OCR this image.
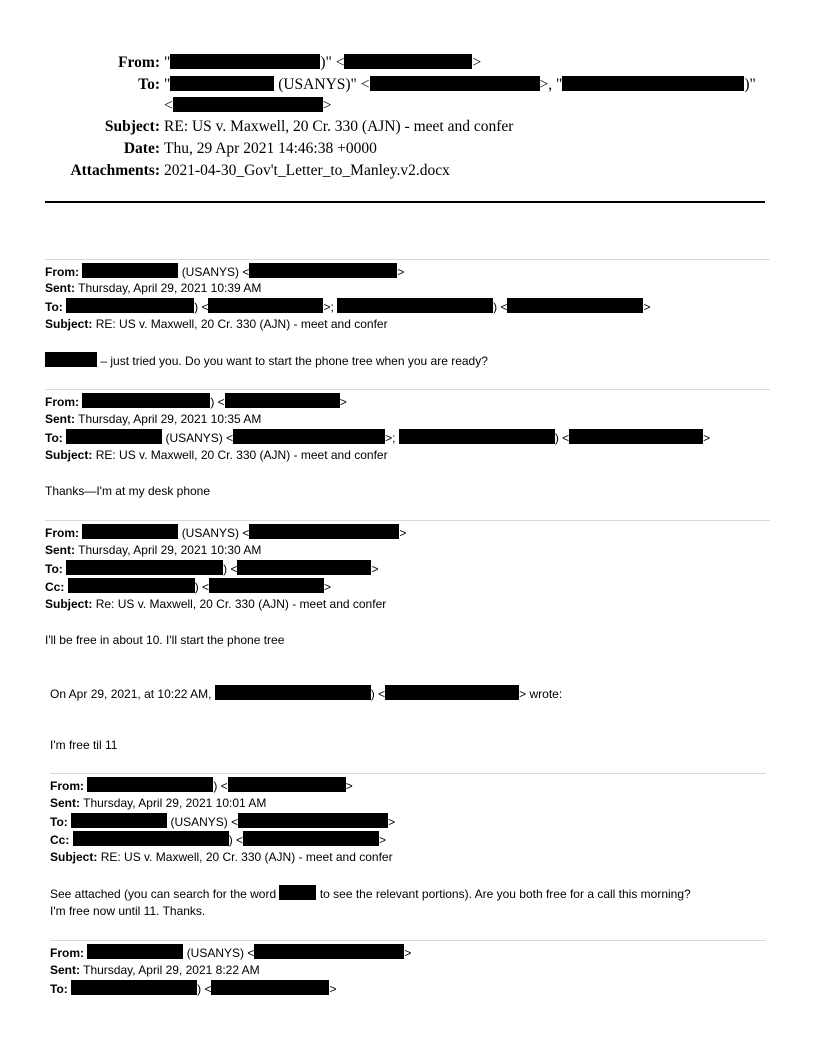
From: "	)" <	>
To: "	(USANYS)" <	>, "	)"
<	>
Subject: RE: US v. Maxwell, 20 Cr. 330 (AJN) - meet and confer
Date: Thu, 29 Apr 2021 14:46:38 +0000
Attachments: 2021-04-30_Gov't_Letter_to_Manley.v2.docx
From:	(USANYS) <	>
Sent: Thursday, April 29, 2021 10:39 AM
To:	) <	>;	) <	>
Subject: RE: US v. Maxwell, 20 Cr. 330 (AJN) - meet and confer
– just tried you. Do you want to start the phone tree when you are ready?
From:	) <	>
Sent: Thursday, April 29, 2021 10:35 AM
To:	(USANYS) <	>;	) <	>
Subject: RE: US v. Maxwell, 20 Cr. 330 (AJN) - meet and confer
Thanks—I'm at my desk phone
From:	(USANYS) <	>
Sent: Thursday, April 29, 2021 10:30 AM
To:	) <	>
Cc:	) <	>
Subject: Re: US v. Maxwell, 20 Cr. 330 (AJN) - meet and confer
I'll be free in about 10. I'll start the phone tree
On Apr 29, 2021, at 10:22 AM,	) <	> wrote:
I'm free til 11
From:	) <	>
Sent: Thursday, April 29, 2021 10:01 AM
To:	(USANYS) <	>
Cc:	) <	>
Subject: RE: US v. Maxwell, 20 Cr. 330 (AJN) - meet and confer
See attached (you can search for the word	to see the relevant portions). Are you both free for a call this morning?
I'm free now until 11. Thanks.
From:	(USANYS) <	>
Sent: Thursday, April 29, 2021 8:22 AM
To:	) <	>
